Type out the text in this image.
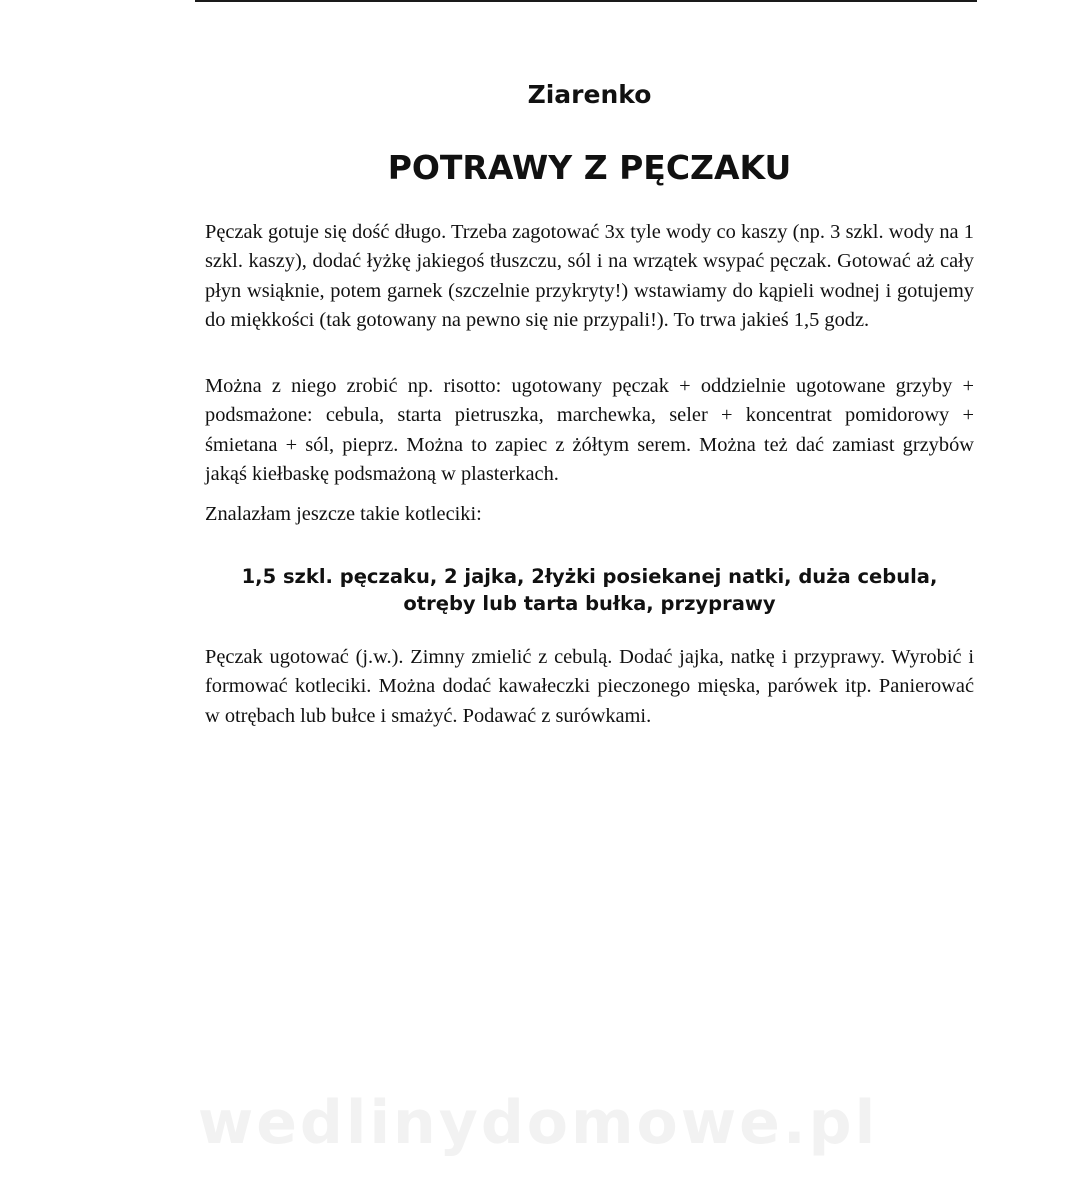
Ziarenko
POTRAWY Z PĘCZAKU

Pęczak gotuje się dość długo. Trzeba zagotować 3x tyle wody co kaszy (np. 3 szkl. wody na 1 szkl. kaszy), dodać łyżkę jakiegoś tłuszczu, sól i na wrzątek wsypać pęczak. Gotować aż cały płyn wsiąknie, potem garnek (szczelnie przykryty!) wstawiamy do kąpieli wodnej i gotujemy do miękkości (tak gotowany na pewno się nie przypali!). To trwa jakieś 1,5 godz.

Można z niego zrobić np. risotto: ugotowany pęczak + oddzielnie ugotowane grzyby + podsmażone: cebula, starta pietruszka, marchewka, seler + koncentrat pomidorowy + śmietana + sól, pieprz. Można to zapiec z żółtym serem. Można też dać zamiast grzybów jakąś kiełbaskę podsmażoną w plasterkach.

Znalazłam jeszcze takie kotleciki:

1,5 szkl. pęczaku, 2 jajka, 2łyżki posiekanej natki, duża cebula, otręby lub tarta bułka, przyprawy

Pęczak ugotować (j.w.). Zimny zmielić z cebulą. Dodać jajka, natkę i przyprawy. Wyrobić i formować kotleciki. Można dodać kawałeczki pieczonego mięska, parówek itp. Panierować w otrębach lub bułce i smażyć. Podawać z surówkami.

wedlinydomowe.pl
